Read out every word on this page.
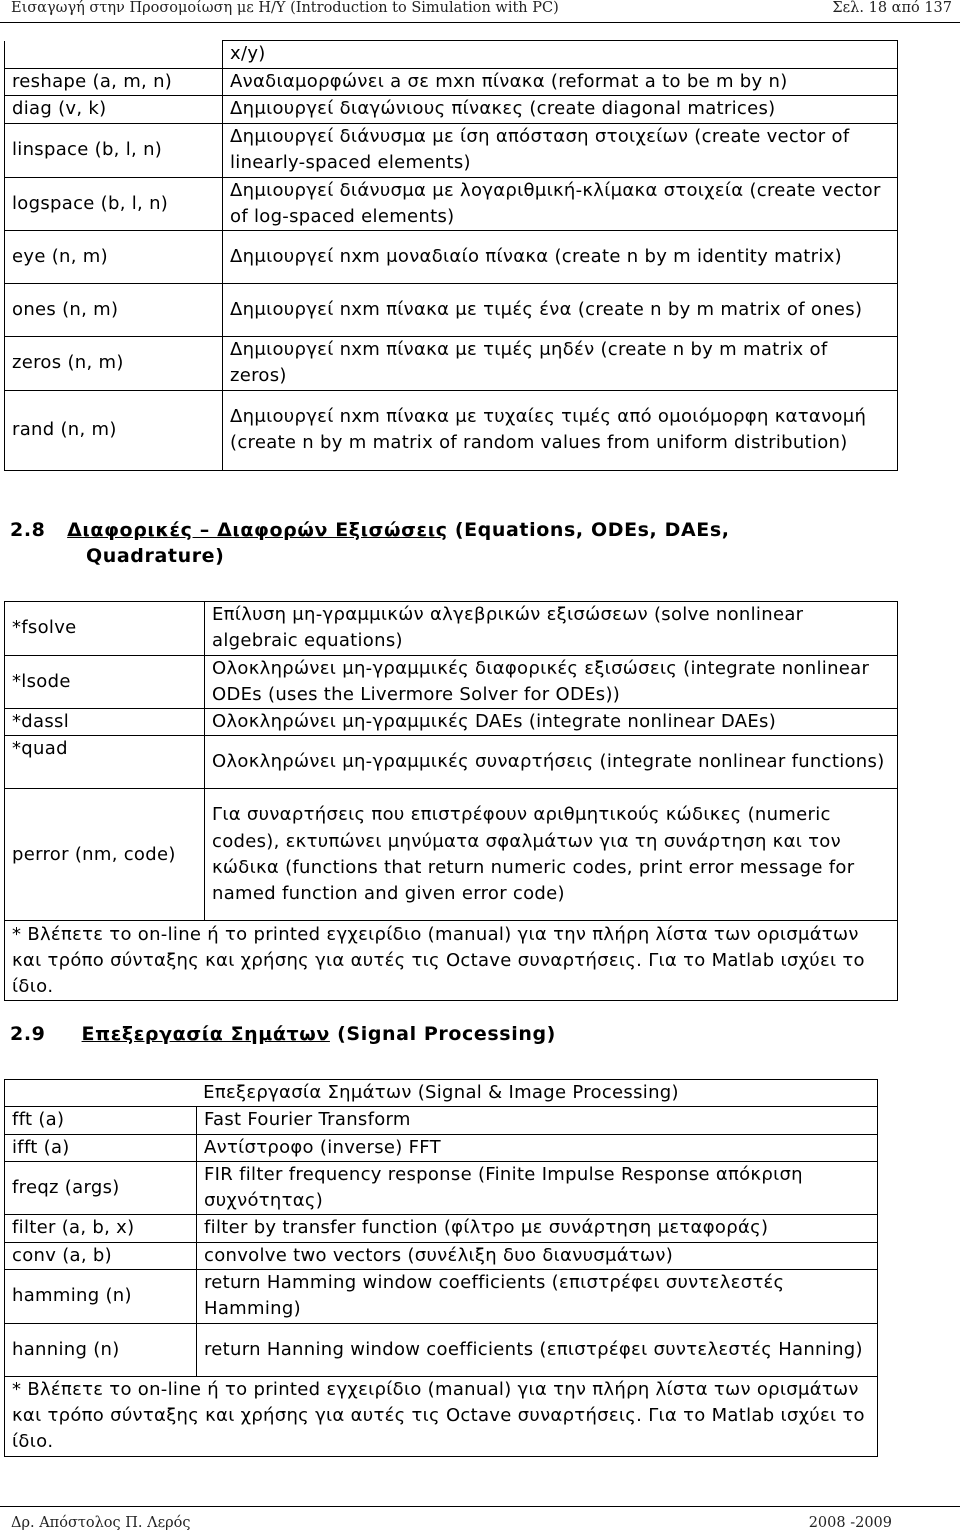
Εισαγωγή στην Προσομοίωση με Η/Υ (Introduction to Simulation with PC)	Σελ. 18 από 137
	x/y)
reshape (a, m, n)	Αναδιαμορφώνει a σε mxn πίνακα (reformat a to be m by n)
diag (v, k)	Δημιουργεί διαγώνιους πίνακες (create diagonal matrices)
linspace (b, l, n)	Δημιουργεί διάνυσμα με ίση απόσταση στοιχείων (create vector of linearly-spaced elements)
logspace (b, l, n)	Δημιουργεί διάνυσμα με λογαριθμική-κλίμακα στοιχεία (create vector of log-spaced elements)
eye (n, m)	Δημιουργεί nxm μοναδιαίο πίνακα (create n by m identity matrix)
ones (n, m)	Δημιουργεί nxm πίνακα με τιμές ένα (create n by m matrix of ones)
zeros (n, m)	Δημιουργεί nxm πίνακα με τιμές μηδέν (create n by m matrix of zeros)
rand (n, m)	Δημιουργεί nxm πίνακα με τυχαίες τιμές από ομοιόμορφη κατανομή (create n by m matrix of random values from uniform distribution)
2.8 Διαφορικές – Διαφορών Εξισώσεις (Equations, ODEs, DAEs,
Quadrature)
*fsolve	Επίλυση μη-γραμμικών αλγεβρικών εξισώσεων (solve nonlinear algebraic equations)
*lsode	Ολοκληρώνει μη-γραμμικές διαφορικές εξισώσεις (integrate nonlinear ODEs (uses the Livermore Solver for ODEs))
*dassl	Ολοκληρώνει μη-γραμμικές DAEs (integrate nonlinear DAEs)
*quad	Ολοκληρώνει μη-γραμμικές συναρτήσεις (integrate nonlinear functions)
perror (nm, code)	Για συναρτήσεις που επιστρέφουν αριθμητικούς κώδικες (numeric codes), εκτυπώνει μηνύματα σφαλμάτων για τη συνάρτηση και τον κώδικα (functions that return numeric codes, print error message for named function and given error code)
* Βλέπετε το on-line ή το printed εγχειρίδιο (manual) για την πλήρη λίστα των ορισμάτων και τρόπο σύνταξης και χρήσης για αυτές τις Octave συναρτήσεις. Για το Matlab ισχύει το ίδιο.	
2.9 Επεξεργασία Σημάτων (Signal Processing)
Επεξεργασία Σημάτων (Signal & Image Processing)	
fft (a)	Fast Fourier Transform
ifft (a)	Αντίστροφο (inverse) FFT
freqz (args)	FIR filter frequency response (Finite Impulse Response απόκριση συχνότητας)
filter (a, b, x)	filter by transfer function (φίλτρο με συνάρτηση μεταφοράς)
conv (a, b)	convolve two vectors (συνέλιξη δυο διανυσμάτων)
hamming (n)	return Hamming window coefficients (επιστρέφει συντελεστές Hamming)
hanning (n)	return Hanning window coefficients (επιστρέφει συντελεστές Hanning)
* Βλέπετε το on-line ή το printed εγχειρίδιο (manual) για την πλήρη λίστα των ορισμάτων και τρόπο σύνταξης και χρήσης για αυτές τις Octave συναρτήσεις. Για το Matlab ισχύει το ίδιο.	
Δρ. Απόστολος Π. Λερός	2008 -2009
